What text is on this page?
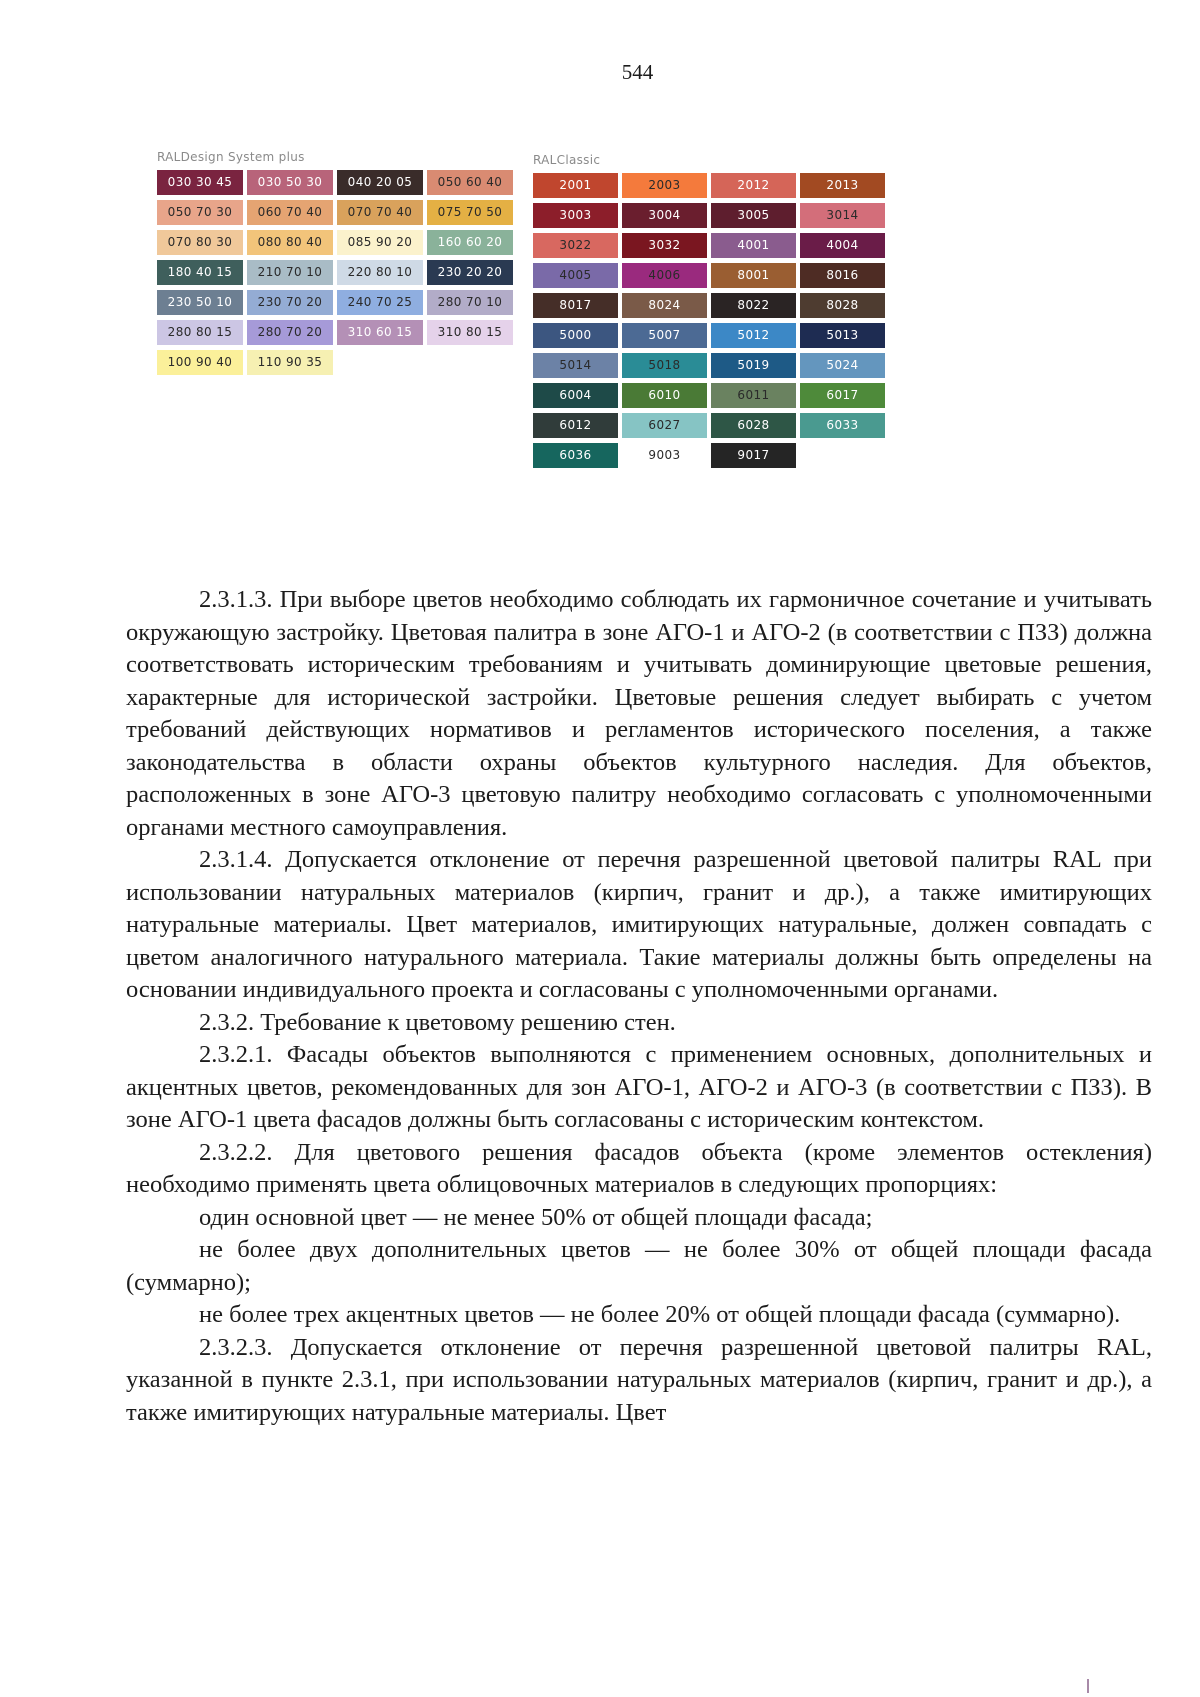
544
RALDesign System plus
030 30 45	030 50 30	040 20 05	050 60 40
050 70 30	060 70 40	070 70 40	075 70 50
070 80 30	080 80 40	085 90 20	160 60 20
180 40 15	210 70 10	220 80 10	230 20 20
230 50 10	230 70 20	240 70 25	280 70 10
280 80 15	280 70 20	310 60 15	310 80 15
100 90 40	110 90 35
RALClassic
2001	2003	2012	2013
3003	3004	3005	3014
3022	3032	4001	4004
4005	4006	8001	8016
8017	8024	8022	8028
5000	5007	5012	5013
5014	5018	5019	5024
6004	6010	6011	6017
6012	6027	6028	6033
6036	9003	9017

2.3.1.3. При выборе цветов необходимо соблюдать их гармоничное сочетание и учитывать окружающую застройку. Цветовая палитра в зоне АГО-1 и АГО-2 (в соответствии с ПЗЗ) должна соответствовать историческим требованиям и учитывать доминирующие цветовые решения, характерные для исторической застройки. Цветовые решения следует выбирать с учетом требований действующих нормативов и регламентов исторического поселения, а также законодательства в области охраны объектов культурного наследия. Для объектов, расположенных в зоне АГО-3 цветовую палитру необходимо согласовать с уполномоченными органами местного самоуправления.

2.3.1.4. Допускается отклонение от перечня разрешенной цветовой палитры RAL при использовании натуральных материалов (кирпич, гранит и др.), а также имитирующих натуральные материалы. Цвет материалов, имитирующих натуральные, должен совпадать с цветом аналогичного натурального материала. Такие материалы должны быть определены на основании индивидуального проекта и согласованы с уполномоченными органами.

2.3.2. Требование к цветовому решению стен.

2.3.2.1. Фасады объектов выполняются с применением основных, дополнительных и акцентных цветов, рекомендованных для зон АГО-1, АГО-2 и АГО-3 (в соответствии с ПЗЗ). В зоне АГО-1 цвета фасадов должны быть согласованы с историческим контекстом.

2.3.2.2. Для цветового решения фасадов объекта (кроме элементов остекления) необходимо применять цвета облицовочных материалов в следующих пропорциях:

один основной цвет — не менее 50% от общей площади фасада;

не более двух дополнительных цветов — не более 30% от общей площади фасада (суммарно);

не более трех акцентных цветов — не более 20% от общей площади фасада (суммарно).

2.3.2.3. Допускается отклонение от перечня разрешенной цветовой палитры RAL, указанной в пункте 2.3.1, при использовании натуральных материалов (кирпич, гранит и др.), а также имитирующих натуральные материалы. Цвет
